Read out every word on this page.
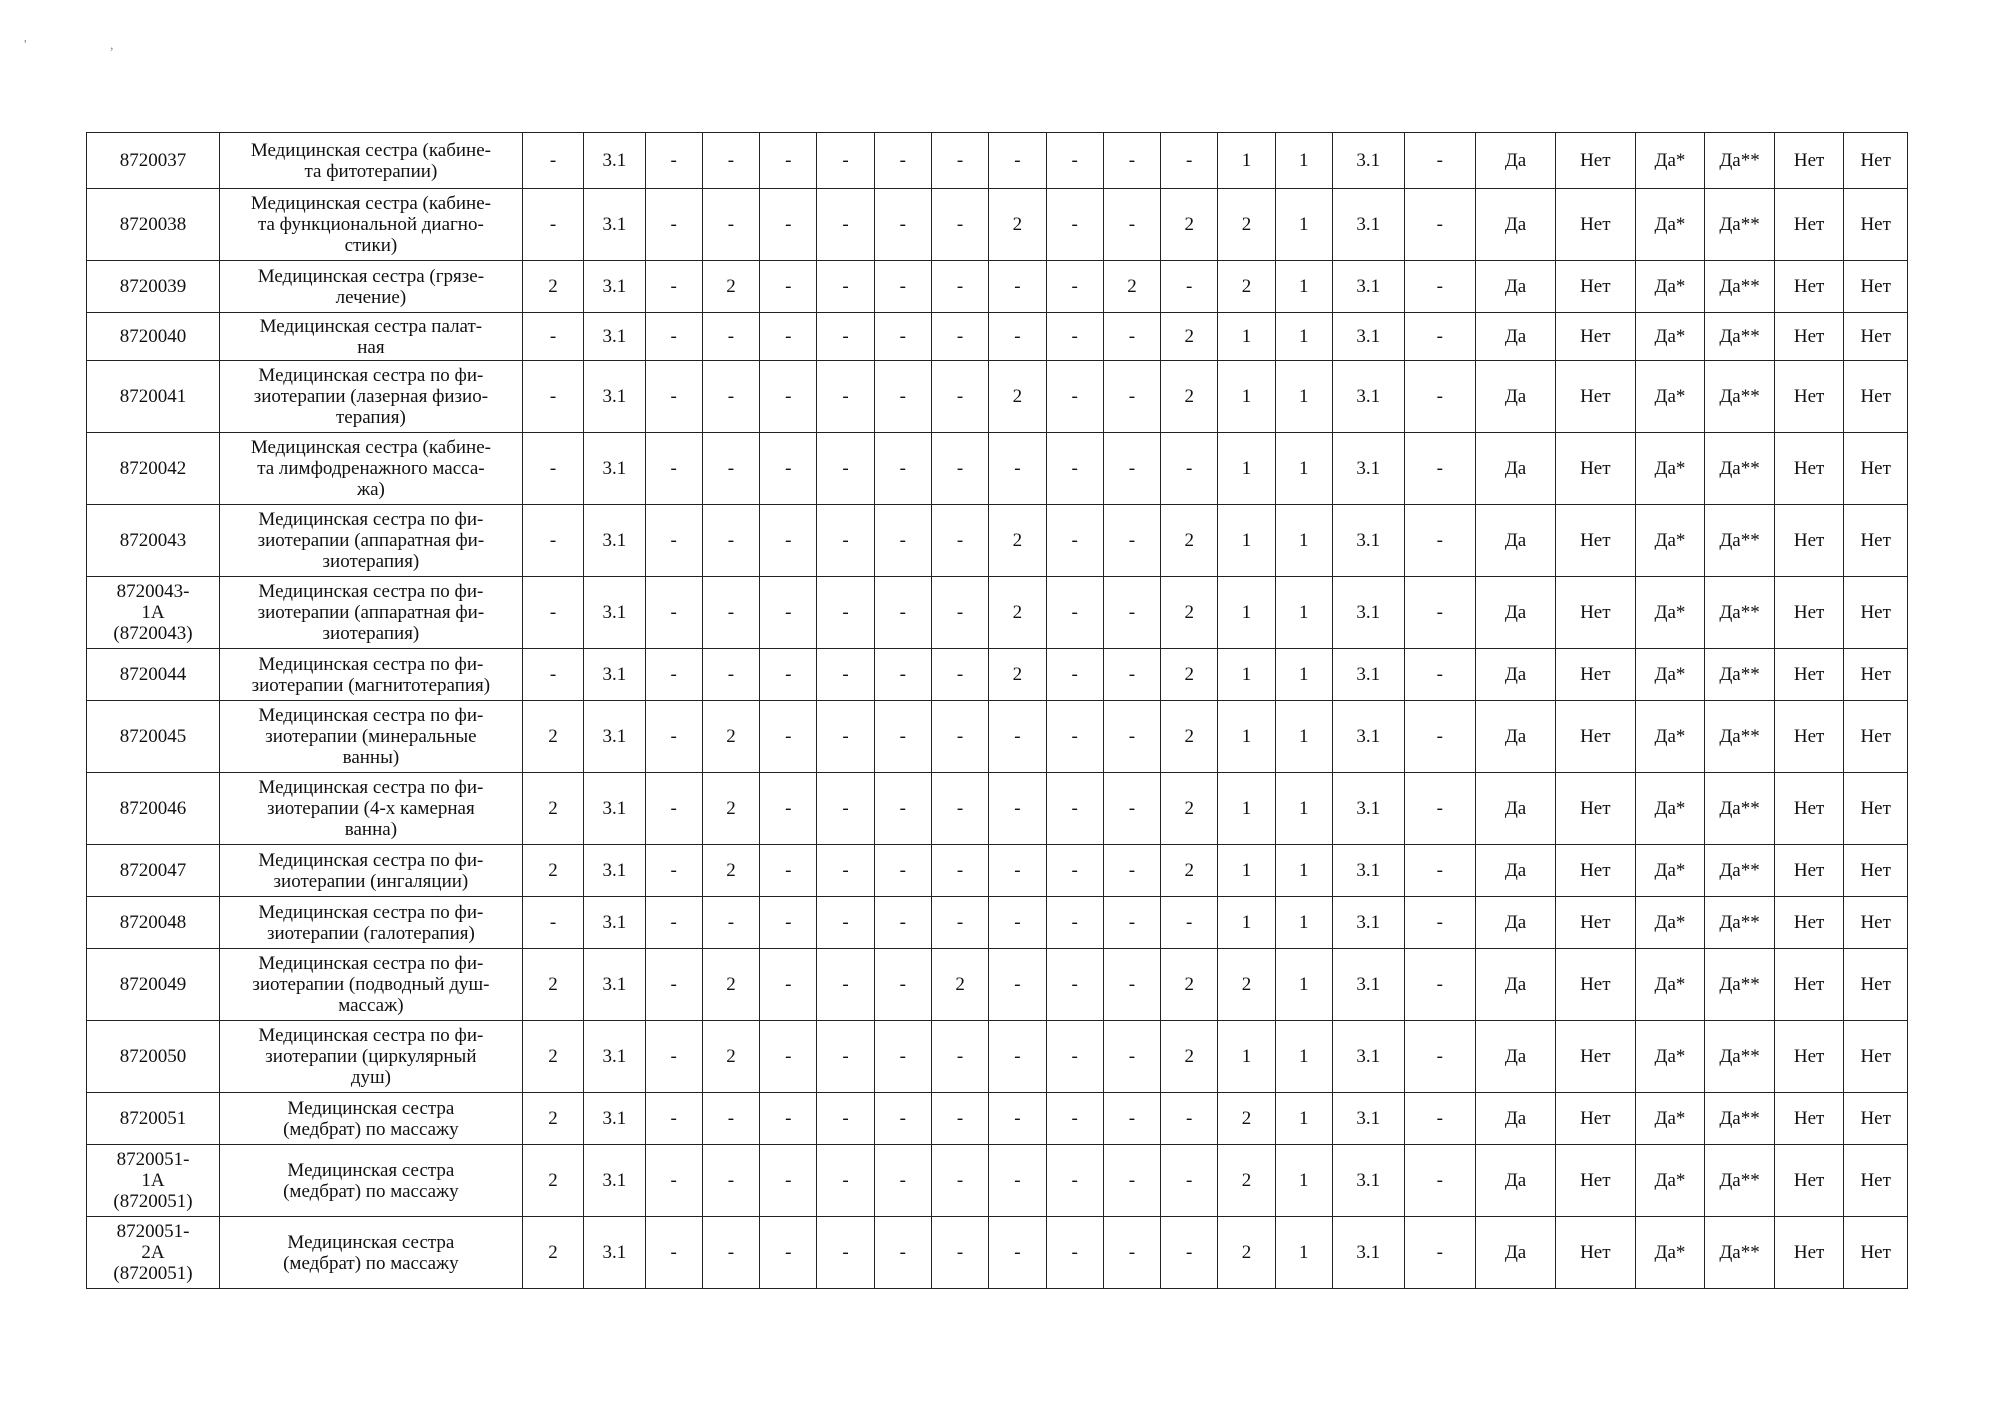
' ,
8720037	Медицинская сестра (кабине-
та фитотерапии)	-	3.1	-	-	-	-	-	-	-	-	-	-	1	1	3.1	-	Да	Нет	Да*	Да**	Нет	Нет
8720038	Медицинская сестра (кабине-
та функциональной диагно-
стики)	-	3.1	-	-	-	-	-	-	2	-	-	2	2	1	3.1	-	Да	Нет	Да*	Да**	Нет	Нет
8720039	Медицинская сестра (грязе-
лечение)	2	3.1	-	2	-	-	-	-	-	-	2	-	2	1	3.1	-	Да	Нет	Да*	Да**	Нет	Нет
8720040	Медицинская сестра палат-
ная	-	3.1	-	-	-	-	-	-	-	-	-	2	1	1	3.1	-	Да	Нет	Да*	Да**	Нет	Нет
8720041	Медицинская сестра по фи-
зиотерапии (лазерная физио-
терапия)	-	3.1	-	-	-	-	-	-	2	-	-	2	1	1	3.1	-	Да	Нет	Да*	Да**	Нет	Нет
8720042	Медицинская сестра (кабине-
та лимфодренажного масса-
жа)	-	3.1	-	-	-	-	-	-	-	-	-	-	1	1	3.1	-	Да	Нет	Да*	Да**	Нет	Нет
8720043	Медицинская сестра по фи-
зиотерапии (аппаратная фи-
зиотерапия)	-	3.1	-	-	-	-	-	-	2	-	-	2	1	1	3.1	-	Да	Нет	Да*	Да**	Нет	Нет
8720043-
1А
(8720043)	Медицинская сестра по фи-
зиотерапии (аппаратная фи-
зиотерапия)	-	3.1	-	-	-	-	-	-	2	-	-	2	1	1	3.1	-	Да	Нет	Да*	Да**	Нет	Нет
8720044	Медицинская сестра по фи-
зиотерапии (магнитотерапия)	-	3.1	-	-	-	-	-	-	2	-	-	2	1	1	3.1	-	Да	Нет	Да*	Да**	Нет	Нет
8720045	Медицинская сестра по фи-
зиотерапии (минеральные
ванны)	2	3.1	-	2	-	-	-	-	-	-	-	2	1	1	3.1	-	Да	Нет	Да*	Да**	Нет	Нет
8720046	Медицинская сестра по фи-
зиотерапии (4-х камерная
ванна)	2	3.1	-	2	-	-	-	-	-	-	-	2	1	1	3.1	-	Да	Нет	Да*	Да**	Нет	Нет
8720047	Медицинская сестра по фи-
зиотерапии (ингаляции)	2	3.1	-	2	-	-	-	-	-	-	-	2	1	1	3.1	-	Да	Нет	Да*	Да**	Нет	Нет
8720048	Медицинская сестра по фи-
зиотерапии (галотерапия)	-	3.1	-	-	-	-	-	-	-	-	-	-	1	1	3.1	-	Да	Нет	Да*	Да**	Нет	Нет
8720049	Медицинская сестра по фи-
зиотерапии (подводный душ-
массаж)	2	3.1	-	2	-	-	-	2	-	-	-	2	2	1	3.1	-	Да	Нет	Да*	Да**	Нет	Нет
8720050	Медицинская сестра по фи-
зиотерапии (циркулярный
душ)	2	3.1	-	2	-	-	-	-	-	-	-	2	1	1	3.1	-	Да	Нет	Да*	Да**	Нет	Нет
8720051	Медицинская сестра
(медбрат) по массажу	2	3.1	-	-	-	-	-	-	-	-	-	-	2	1	3.1	-	Да	Нет	Да*	Да**	Нет	Нет
8720051-
1А
(8720051)	Медицинская сестра
(медбрат) по массажу	2	3.1	-	-	-	-	-	-	-	-	-	-	2	1	3.1	-	Да	Нет	Да*	Да**	Нет	Нет
8720051-
2А
(8720051)	Медицинская сестра
(медбрат) по массажу	2	3.1	-	-	-	-	-	-	-	-	-	-	2	1	3.1	-	Да	Нет	Да*	Да**	Нет	Нет
